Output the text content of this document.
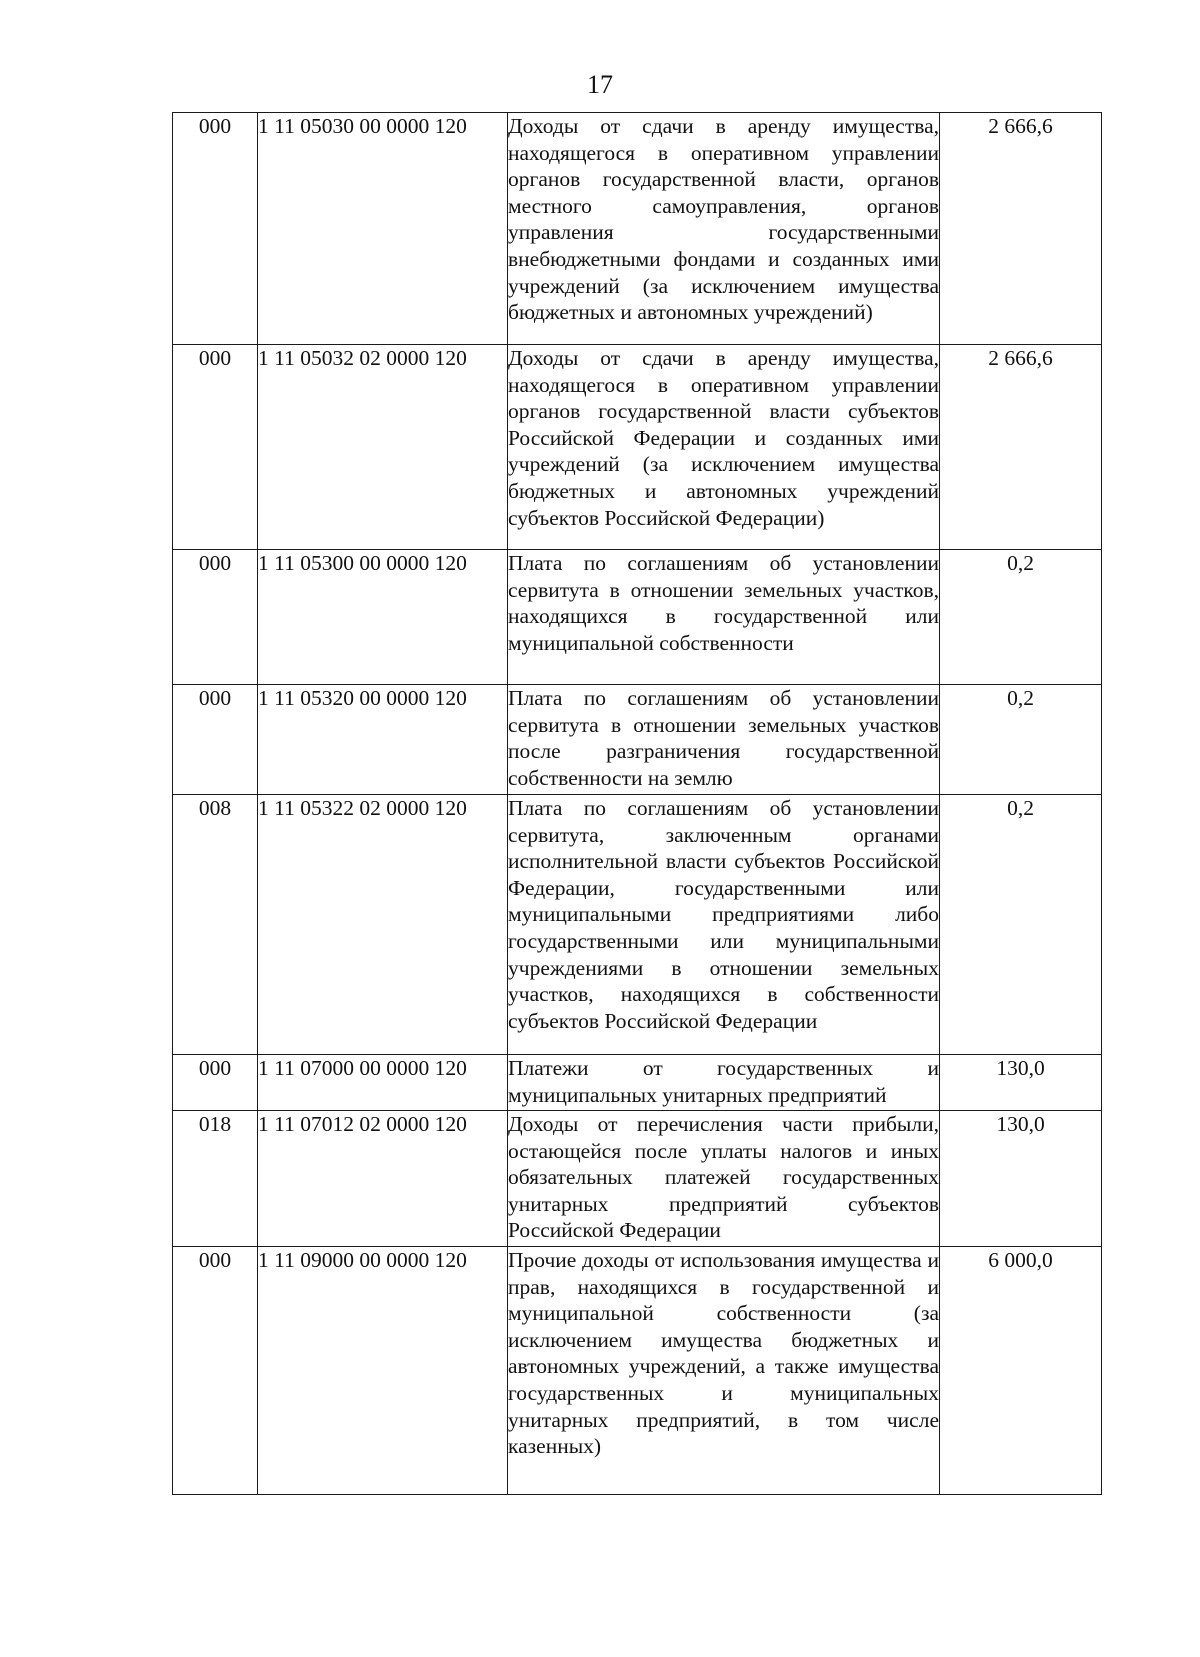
17
000	1 11 05030 00 0000 120	Доходы от сдачи в аренду имущества, находящегося в оперативном управлении органов государственной власти, органов местного самоуправления, органов управления государственными внебюджетными фондами и созданных ими учреждений (за исключением имущества бюджетных и автономных учреждений)	2 666,6
000	1 11 05032 02 0000 120	Доходы от сдачи в аренду имущества, находящегося в оперативном управлении органов государственной власти субъектов Российской Федерации и созданных ими учреждений (за исключением имущества бюджетных и автономных учреждений субъектов Российской Федерации)	2 666,6
000	1 11 05300 00 0000 120	Плата по соглашениям об установлении сервитута в отношении земельных участков, находящихся в государственной или муниципальной собственности	0,2
000	1 11 05320 00 0000 120	Плата по соглашениям об установлении сервитута в отношении земельных участков после разграничения государственной собственности на землю	0,2
008	1 11 05322 02 0000 120	Плата по соглашениям об установлении сервитута, заключенным органами исполнительной власти субъектов Российской Федерации, государственными или муниципальными предприятиями либо государственными или муниципальными учреждениями в отношении земельных участков, находящихся в собственности субъектов Российской Федерации	0,2
000	1 11 07000 00 0000 120	Платежи от государственных и муниципальных унитарных предприятий	130,0
018	1 11 07012 02 0000 120	Доходы от перечисления части прибыли, остающейся после уплаты налогов и иных обязательных платежей государственных унитарных предприятий субъектов Российской Федерации	130,0
000	1 11 09000 00 0000 120	Прочие доходы от использования имущества и прав, находящихся в государственной и муниципальной собственности (за исключением имущества бюджетных и автономных учреждений, а также имущества государственных и муниципальных унитарных предприятий, в том числе казенных)	6 000,0
